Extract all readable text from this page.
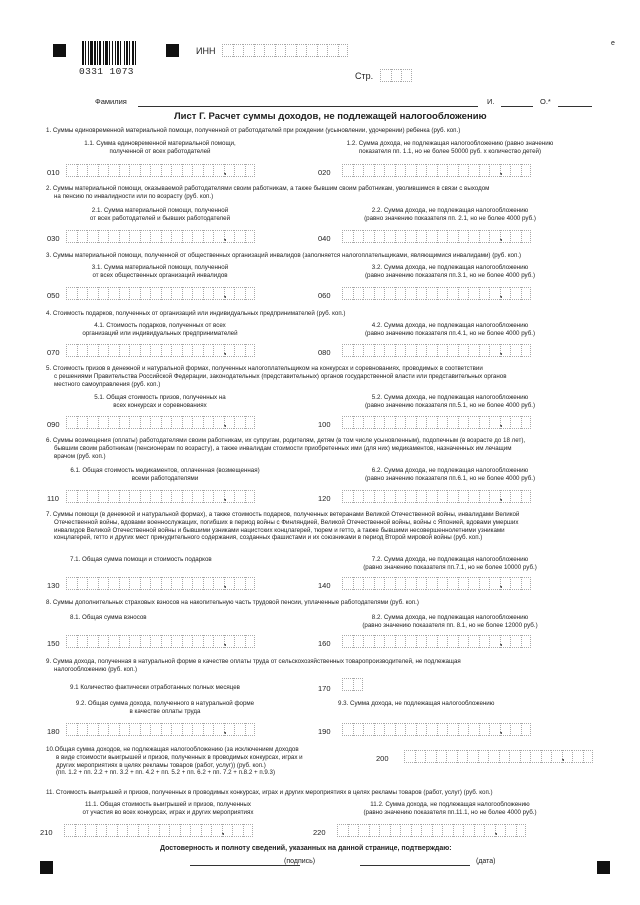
0331 1073
ИНН
e
Стр.
Фамилия	И.	О.*
Лист Г. Расчет суммы доходов, не подлежащей налогообложению
1. Суммы единовременной материальной помощи, полученной от работодателей при рождении (усыновлении, удочерении) ребенка (руб. коп.)
1.1. Сумма единовременной материальной помощи,
полученной от всех работодателей
1.2. Сумма дохода, не подлежащая налогообложению (равно значению
показателя пп. 1.1, но не более 50000 руб. х количество детей)
010	020
2. Суммы материальной помощи, оказываемой работодателями своим работникам, а также бывшим своим работникам, уволившимся в связи с выходом
на пенсию по инвалидности или по возрасту (руб. коп.)
2.1. Сумма материальной помощи, полученной
от всех работодателей и бывших работодателей
2.2. Сумма дохода, не подлежащая налогообложению
(равно значению показателя пп. 2.1, но не более 4000 руб.)
030	040
3. Суммы материальной помощи, полученной от общественных организаций инвалидов (заполняется налогоплательщиками, являющимися инвалидами) (руб. коп.)
3.1. Сумма материальной помощи, полученной
от всех общественных организаций инвалидов
3.2. Сумма дохода, не подлежащая налогообложению
(равно значению показателя пп.3.1, но не более 4000 руб.)
050	060
4. Стоимость подарков, полученных от организаций или индивидуальных предпринимателей (руб. коп.)
4.1. Стоимость подарков, полученных от всех
организаций или индивидуальных предпринимателей
4.2. Сумма дохода, не подлежащая налогообложению
(равно значению показателя пп.4.1, но не более 4000 руб.)
070	080
5. Стоимость призов в денежной и натуральной формах, полученных налогоплательщиком на конкурсах и соревнованиях, проводимых в соответствии
с решениями Правительства Российской Федерации, законодательных (представительных) органов государственной власти или представительных органов
местного самоуправления (руб. коп.)
5.1. Общая стоимость призов, полученных на
всех конкурсах и соревнованиях
5.2. Сумма дохода, не подлежащая налогообложению
(равно значению показателя пп.5.1, но не более 4000 руб.)
090	100
6. Суммы возмещения (оплаты) работодателями своим работникам, их супругам, родителям, детям (в том числе усыновленным), подопечным (в возрасте до 18 лет),
бывшим своим работникам (пенсионерам по возрасту), а также инвалидам стоимости приобретенных ими (для них) медикаментов, назначенных им лечащим
врачом (руб. коп.)
6.1. Общая стоимость медикаментов, оплаченная (возмещенная)
всеми работодателями
6.2. Сумма дохода, не подлежащая налогообложению
(равно значению показателя пп.6.1, но не более 4000 руб.)
110	120
7. Суммы помощи (в денежной и натуральной формах), а также стоимость подарков, полученных ветеранами Великой Отечественной войны, инвалидами Великой
Отечественной войны, вдовами военнослужащих, погибших в период войны с Финляндией, Великой Отечественной войны, войны с Японией, вдовами умерших
инвалидов Великой Отечественной войны и бывшими узниками нацистских концлагерей, тюрем и гетто, а также бывшими несовершеннолетними узниками
концлагерей, гетто и других мест принудительного содержания, созданных фашистами и их союзниками в период Второй мировой войны (руб. коп.)
7.1. Общая сумма помощи и стоимость подарков	7.2. Сумма дохода, не подлежащая налогообложению
(равно значению показателя пп.7.1, но не более 10000 руб.)
130	140
8. Суммы дополнительных страховых взносов на накопительную часть трудовой пенсии, уплаченные работодателями (руб. коп.)
8.1. Общая сумма взносов	8.2. Сумма дохода, не подлежащая налогообложению
(равно значению показателя пп. 8.1, но не более 12000 руб.)
150	160
9. Сумма дохода, полученная в натуральной форме в качестве оплаты труда от сельскохозяйственных товаропроизводителей, не подлежащая
налогообложению (руб. коп.)
9.1 Количество фактически отработанных полных месяцев	170
9.2. Общая сумма дохода, полученного в натуральной форме
в качестве оплаты труда
9.3. Сумма дохода, не подлежащая налогообложению
180	190
10.Общая сумма доходов, не подлежащая налогообложению (за исключением доходов
в виде стоимости выигрышей и призов, полученных в проводимых конкурсах, играх и
других мероприятиях в целях рекламы товаров (работ, услуг)) (руб. коп.)
(пп. 1.2 + пп. 2.2 + пп. 3.2 + пп. 4.2 + пп. 5.2 + пп. 6.2 + пп. 7.2 + п.8.2 + п.9.3)
200
11. Стоимость выигрышей и призов, полученных в проводимых конкурсах, играх и других мероприятиях в целях рекламы товаров (работ, услуг) (руб. коп.)
11.1. Общая стоимость выигрышей и призов, полученных
от участия во всех конкурсах, играх и других мероприятиях
11.2. Сумма дохода, не подлежащая налогообложению
(равно значению показателя пп.11.1, но не более 4000 руб.)
210	220
Достоверность и полноту сведений, указанных на данной странице, подтверждаю:
(подпись)	(дата)
